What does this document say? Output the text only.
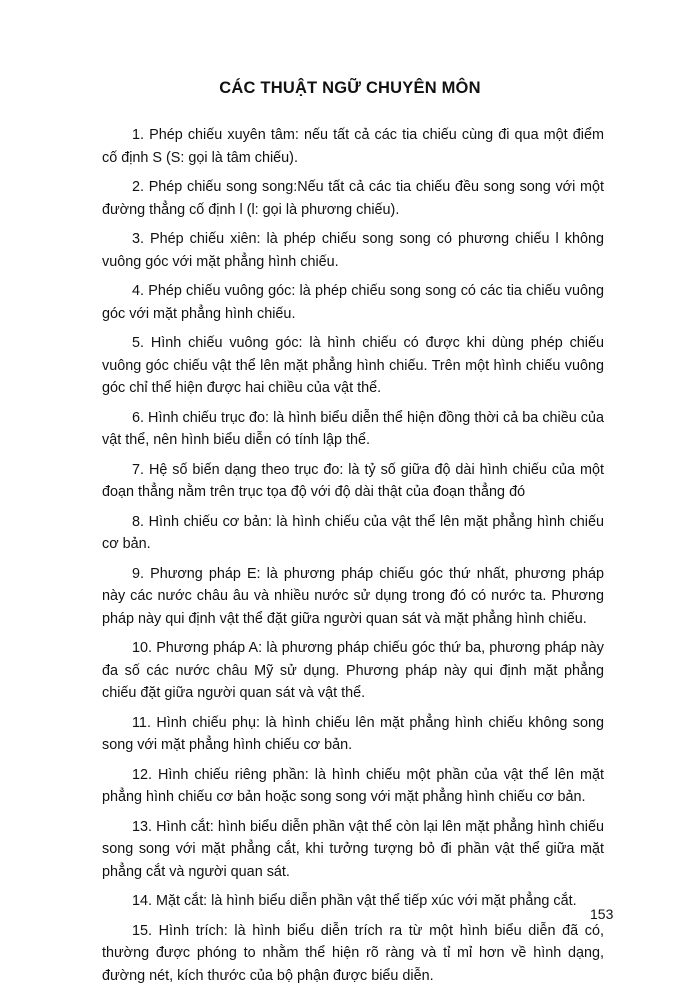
CÁC THUẬT NGỮ CHUYÊN MÔN

1. Phép chiếu xuyên tâm: nếu tất cả các tia chiếu cùng đi qua một điểm cố định S (S: gọi là tâm chiếu).

2. Phép chiếu song song:Nếu tất cả các tia chiếu đều song song với một đường thẳng cố định l (l: gọi là phương chiếu).

3. Phép chiếu xiên: là phép chiếu song song có phương chiếu l không vuông góc với mặt phẳng hình chiếu.

4. Phép chiếu vuông góc: là phép chiếu song song có các tia chiếu vuông góc với mặt phẳng hình chiếu.

5. Hình chiếu vuông góc: là hình chiếu có được khi dùng phép chiếu vuông góc chiếu vật thể lên mặt phẳng hình chiếu. Trên một hình chiếu vuông góc chỉ thể hiện được hai chiều của vật thể.

6. Hình chiếu trục đo: là hình biểu diễn thể hiện đồng thời cả ba chiều của vật thể, nên hình biểu diễn có tính lập thể.

7. Hệ số biến dạng theo trục đo: là tỷ số giữa độ dài hình chiếu của một đoạn thẳng nằm trên trục tọa độ với độ dài thật của đoạn thẳng đó

8. Hình chiếu cơ bản: là hình chiếu của vật thể lên mặt phẳng hình chiếu cơ bản.

9. Phương pháp E: là phương pháp chiếu góc thứ nhất, phương pháp này các nước châu âu và nhiều nước sử dụng trong đó có nước ta. Phương pháp này qui định vật thể đặt giữa người quan sát và mặt phẳng hình chiếu.

10. Phương pháp A: là phương pháp chiếu góc thứ ba, phương pháp này đa số các nước châu Mỹ sử dụng. Phương pháp này qui định mặt phẳng chiếu đặt giữa người quan sát và vật thể.

11. Hình chiếu phụ: là hình chiếu lên mặt phẳng hình chiếu không song song với mặt phẳng hình chiếu cơ bản.

12. Hình chiếu riêng phần: là hình chiếu một phần của vật thể lên mặt phẳng hình chiếu cơ bản hoặc song song với mặt phẳng hình chiếu cơ bản.

13. Hình cắt: hình biểu diễn phần vật thể còn lại lên mặt phẳng hình chiếu song song với mặt phẳng cắt, khi tưởng tượng bỏ đi phần vật thể giữa mặt phẳng cắt và người quan sát.

14. Mặt cắt: là hình biểu diễn phần vật thể tiếp xúc với mặt phẳng cắt.

15. Hình trích: là hình biểu diễn trích ra từ một hình biểu diễn đã có, thường được phóng to nhằm thể hiện rõ ràng và tỉ mỉ hơn về hình dạng, đường nét, kích thước của bộ phận được biểu diễn.

153
